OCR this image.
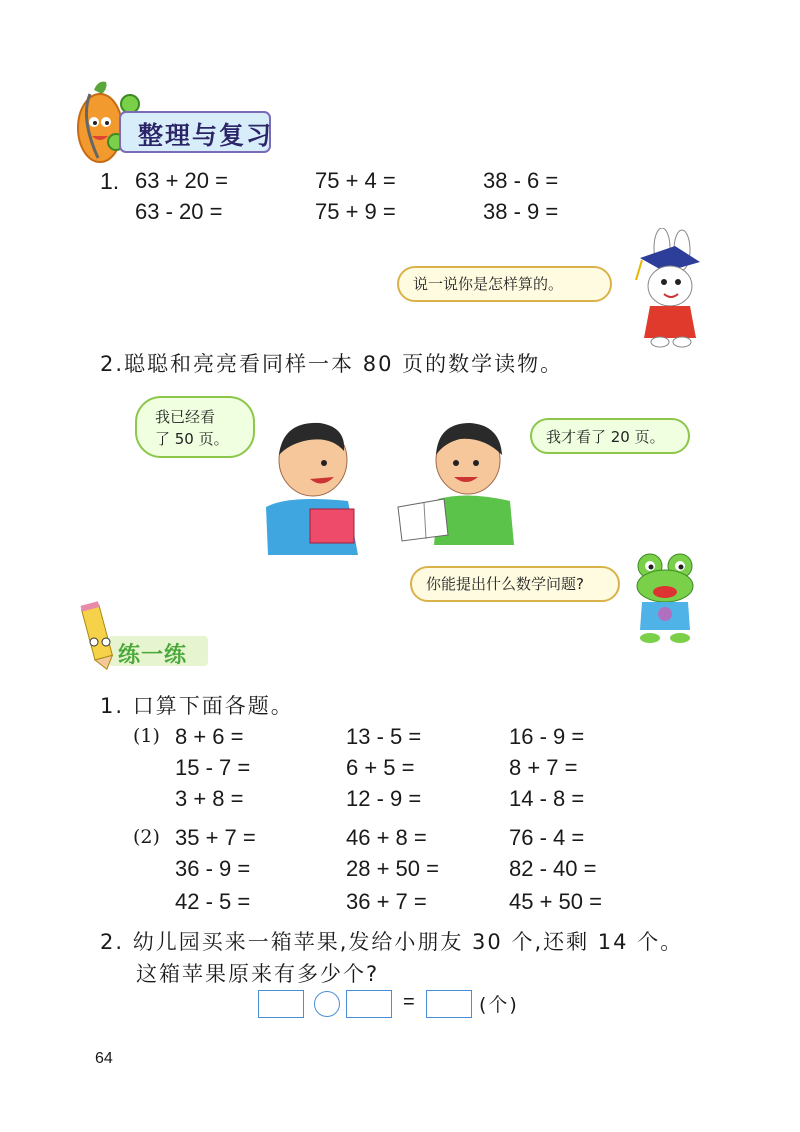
整理与复习
1. 63 + 20 =	75 + 4 =	38 - 6 =
63 - 20 =	75 + 9 =	38 - 9 =
说一说你是怎样算的。
2.聪聪和亮亮看同样一本 80 页的数学读物。
我已经看
了 50 页。	我才看了 20 页。
你能提出什么数学问题?
练一练
1. 口算下面各题。
(1) 8 + 6 =	13 - 5 =	16 - 9 =
15 - 7 =	6 + 5 =	8 + 7 =
3 + 8 =	12 - 9 =	14 - 8 =
(2) 35 + 7 =	46 + 8 =	76 - 4 =
36 - 9 =	28 + 50 =	82 - 40 =
42 - 5 =	36 + 7 =	45 + 50 =
2. 幼儿园买来一箱苹果,发给小朋友 30 个,还剩 14 个。
这箱苹果原来有多少个?
=	(个)
64
